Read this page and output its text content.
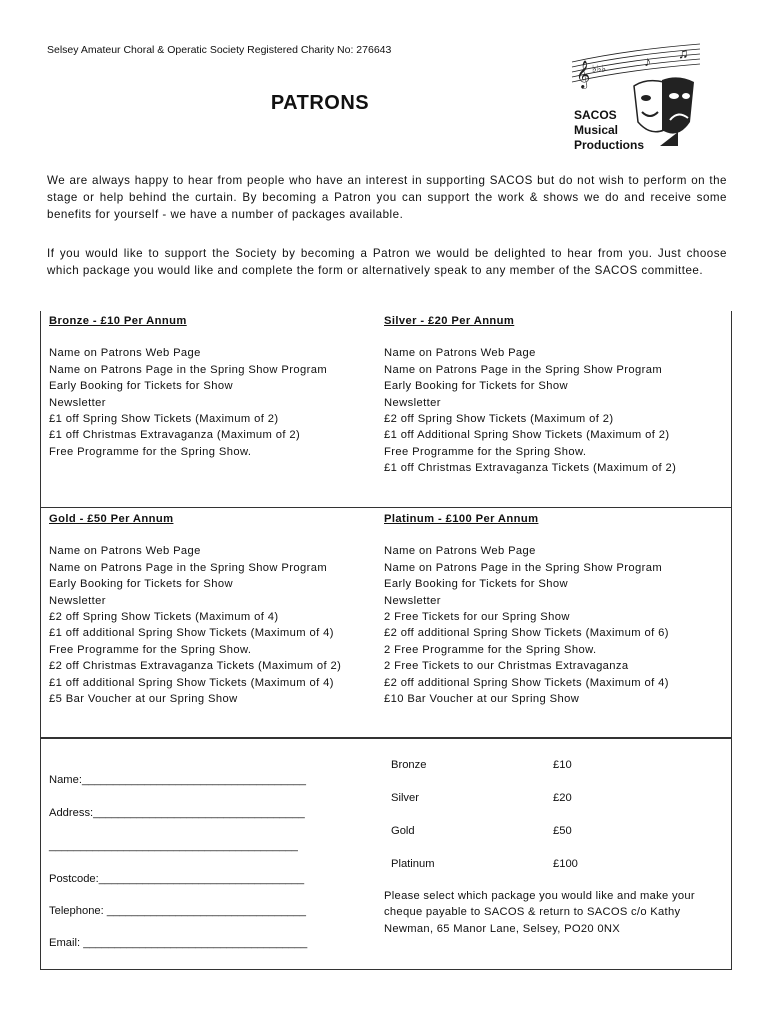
Selsey Amateur Choral & Operatic Society Registered Charity No: 276643
PATRONS
𝄞 ♭♭♭
♪ ♫
SACOS
Musical
Productions
We are always happy to hear from people who have an interest in supporting SACOS but do not wish to perform on the stage or help behind the curtain. By becoming a Patron you can support the work & shows we do and receive some benefits for yourself - we have a number of packages available.
If you would like to support the Society by becoming a Patron we would be delighted to hear from you. Just choose which package you would like and complete the form or alternatively speak to any member of the SACOS committee.
Bronze - £10 Per Annum
Name on Patrons Web Page
Name on Patrons Page in the Spring Show Program
Early Booking for Tickets for Show
Newsletter
£1 off Spring Show Tickets (Maximum of 2)
£1 off Christmas Extravaganza (Maximum of 2)
Free Programme for the Spring Show.
Silver - £20 Per Annum
Name on Patrons Web Page
Name on Patrons Page in the Spring Show Program
Early Booking for Tickets for Show
Newsletter
£2 off Spring Show Tickets (Maximum of 2)
£1 off Additional Spring Show Tickets (Maximum of 2)
Free Programme for the Spring Show.
£1 off Christmas Extravaganza Tickets (Maximum of 2)
Gold - £50 Per Annum
Name on Patrons Web Page
Name on Patrons Page in the Spring Show Program
Early Booking for Tickets for Show
Newsletter
£2 off Spring Show Tickets (Maximum of 4)
£1 off additional Spring Show Tickets (Maximum of 4)
Free Programme for the Spring Show.
£2 off Christmas Extravaganza Tickets (Maximum of 2)
£1 off additional Spring Show Tickets (Maximum of 4)
£5 Bar Voucher at our Spring Show
Platinum - £100 Per Annum
Name on Patrons Web Page
Name on Patrons Page in the Spring Show Program
Early Booking for Tickets for Show
Newsletter
2 Free Tickets for our Spring Show
£2 off additional Spring Show Tickets (Maximum of 6)
2 Free Programme for the Spring Show.
2 Free Tickets to our Christmas Extravaganza
£2 off additional Spring Show Tickets (Maximum of 4)
£10 Bar Voucher at our Spring Show
Name:____________________________________
Address:__________________________________
________________________________________
Postcode:_________________________________
Telephone: ________________________________
Email: ____________________________________
Bronze	£10
Silver	£20
Gold	£50
Platinum	£100
Please select which package you would like and make your cheque payable to SACOS & return to SACOS c/o Kathy Newman, 65 Manor Lane, Selsey, PO20 0NX
